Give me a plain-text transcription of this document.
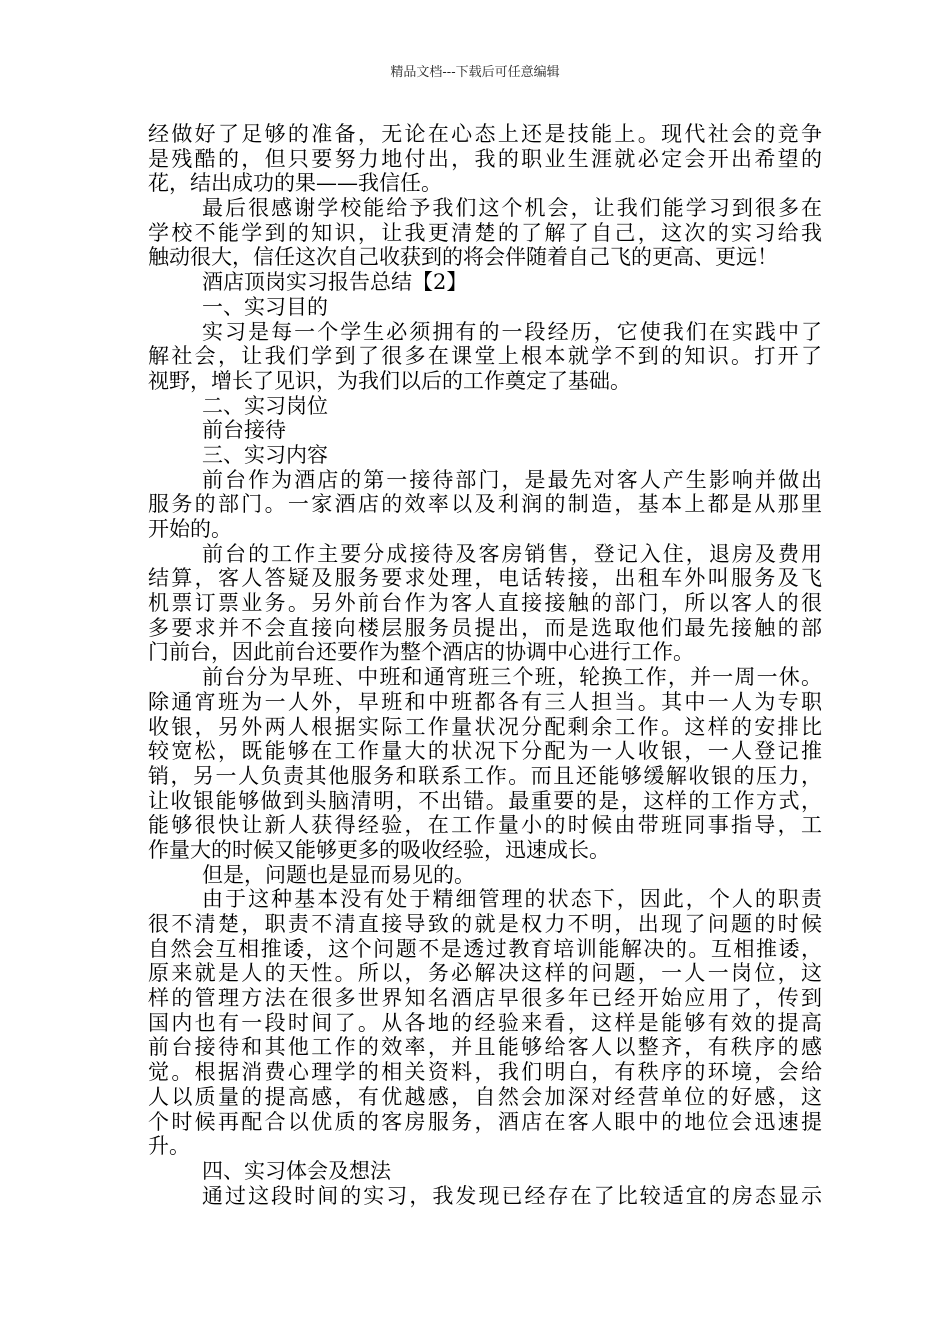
精品文档---下载后可任意编辑
经做好了足够的准备，无论在心态上还是技能上。现代社会的竞争
是残酷的，但只要努力地付出，我的职业生涯就必定会开出希望的
花，结出成功的果——我信任。
最后很感谢学校能给予我们这个机会，让我们能学习到很多在
学校不能学到的知识，让我更清楚的了解了自己，这次的实习给我
触动很大，信任这次自己收获到的将会伴随着自己飞的更高、更远！
酒店顶岗实习报告总结【2】
一、实习目的
实习是每一个学生必须拥有的一段经历，它使我们在实践中了
解社会，让我们学到了很多在课堂上根本就学不到的知识。打开了
视野，增长了见识，为我们以后的工作奠定了基础。
二、实习岗位
前台接待
三、实习内容
前台作为酒店的第一接待部门，是最先对客人产生影响并做出
服务的部门。一家酒店的效率以及利润的制造，基本上都是从那里
开始的。
前台的工作主要分成接待及客房销售，登记入住，退房及费用
结算，客人答疑及服务要求处理，电话转接，出租车外叫服务及飞
机票订票业务。另外前台作为客人直接接触的部门，所以客人的很
多要求并不会直接向楼层服务员提出，而是选取他们最先接触的部
门前台，因此前台还要作为整个酒店的协调中心进行工作。
前台分为早班、中班和通宵班三个班，轮换工作，并一周一休。
除通宵班为一人外，早班和中班都各有三人担当。其中一人为专职
收银，另外两人根据实际工作量状况分配剩余工作。这样的安排比
较宽松，既能够在工作量大的状况下分配为一人收银，一人登记推
销，另一人负责其他服务和联系工作。而且还能够缓解收银的压力，
让收银能够做到头脑清明，不出错。最重要的是，这样的工作方式，
能够很快让新人获得经验，在工作量小的时候由带班同事指导，工
作量大的时候又能够更多的吸收经验，迅速成长。
但是，问题也是显而易见的。
由于这种基本没有处于精细管理的状态下，因此，个人的职责
很不清楚，职责不清直接导致的就是权力不明，出现了问题的时候
自然会互相推诿，这个问题不是透过教育培训能解决的。互相推诿，
原来就是人的天性。所以，务必解决这样的问题，一人一岗位，这
样的管理方法在很多世界知名酒店早很多年已经开始应用了，传到
国内也有一段时间了。从各地的经验来看，这样是能够有效的提高
前台接待和其他工作的效率，并且能够给客人以整齐，有秩序的感
觉。根据消费心理学的相关资料，我们明白，有秩序的环境，会给
人以质量的提高感，有优越感，自然会加深对经营单位的好感，这
个时候再配合以优质的客房服务，酒店在客人眼中的地位会迅速提
升。
四、实习体会及想法
通过这段时间的实习，我发现已经存在了比较适宜的房态显示
